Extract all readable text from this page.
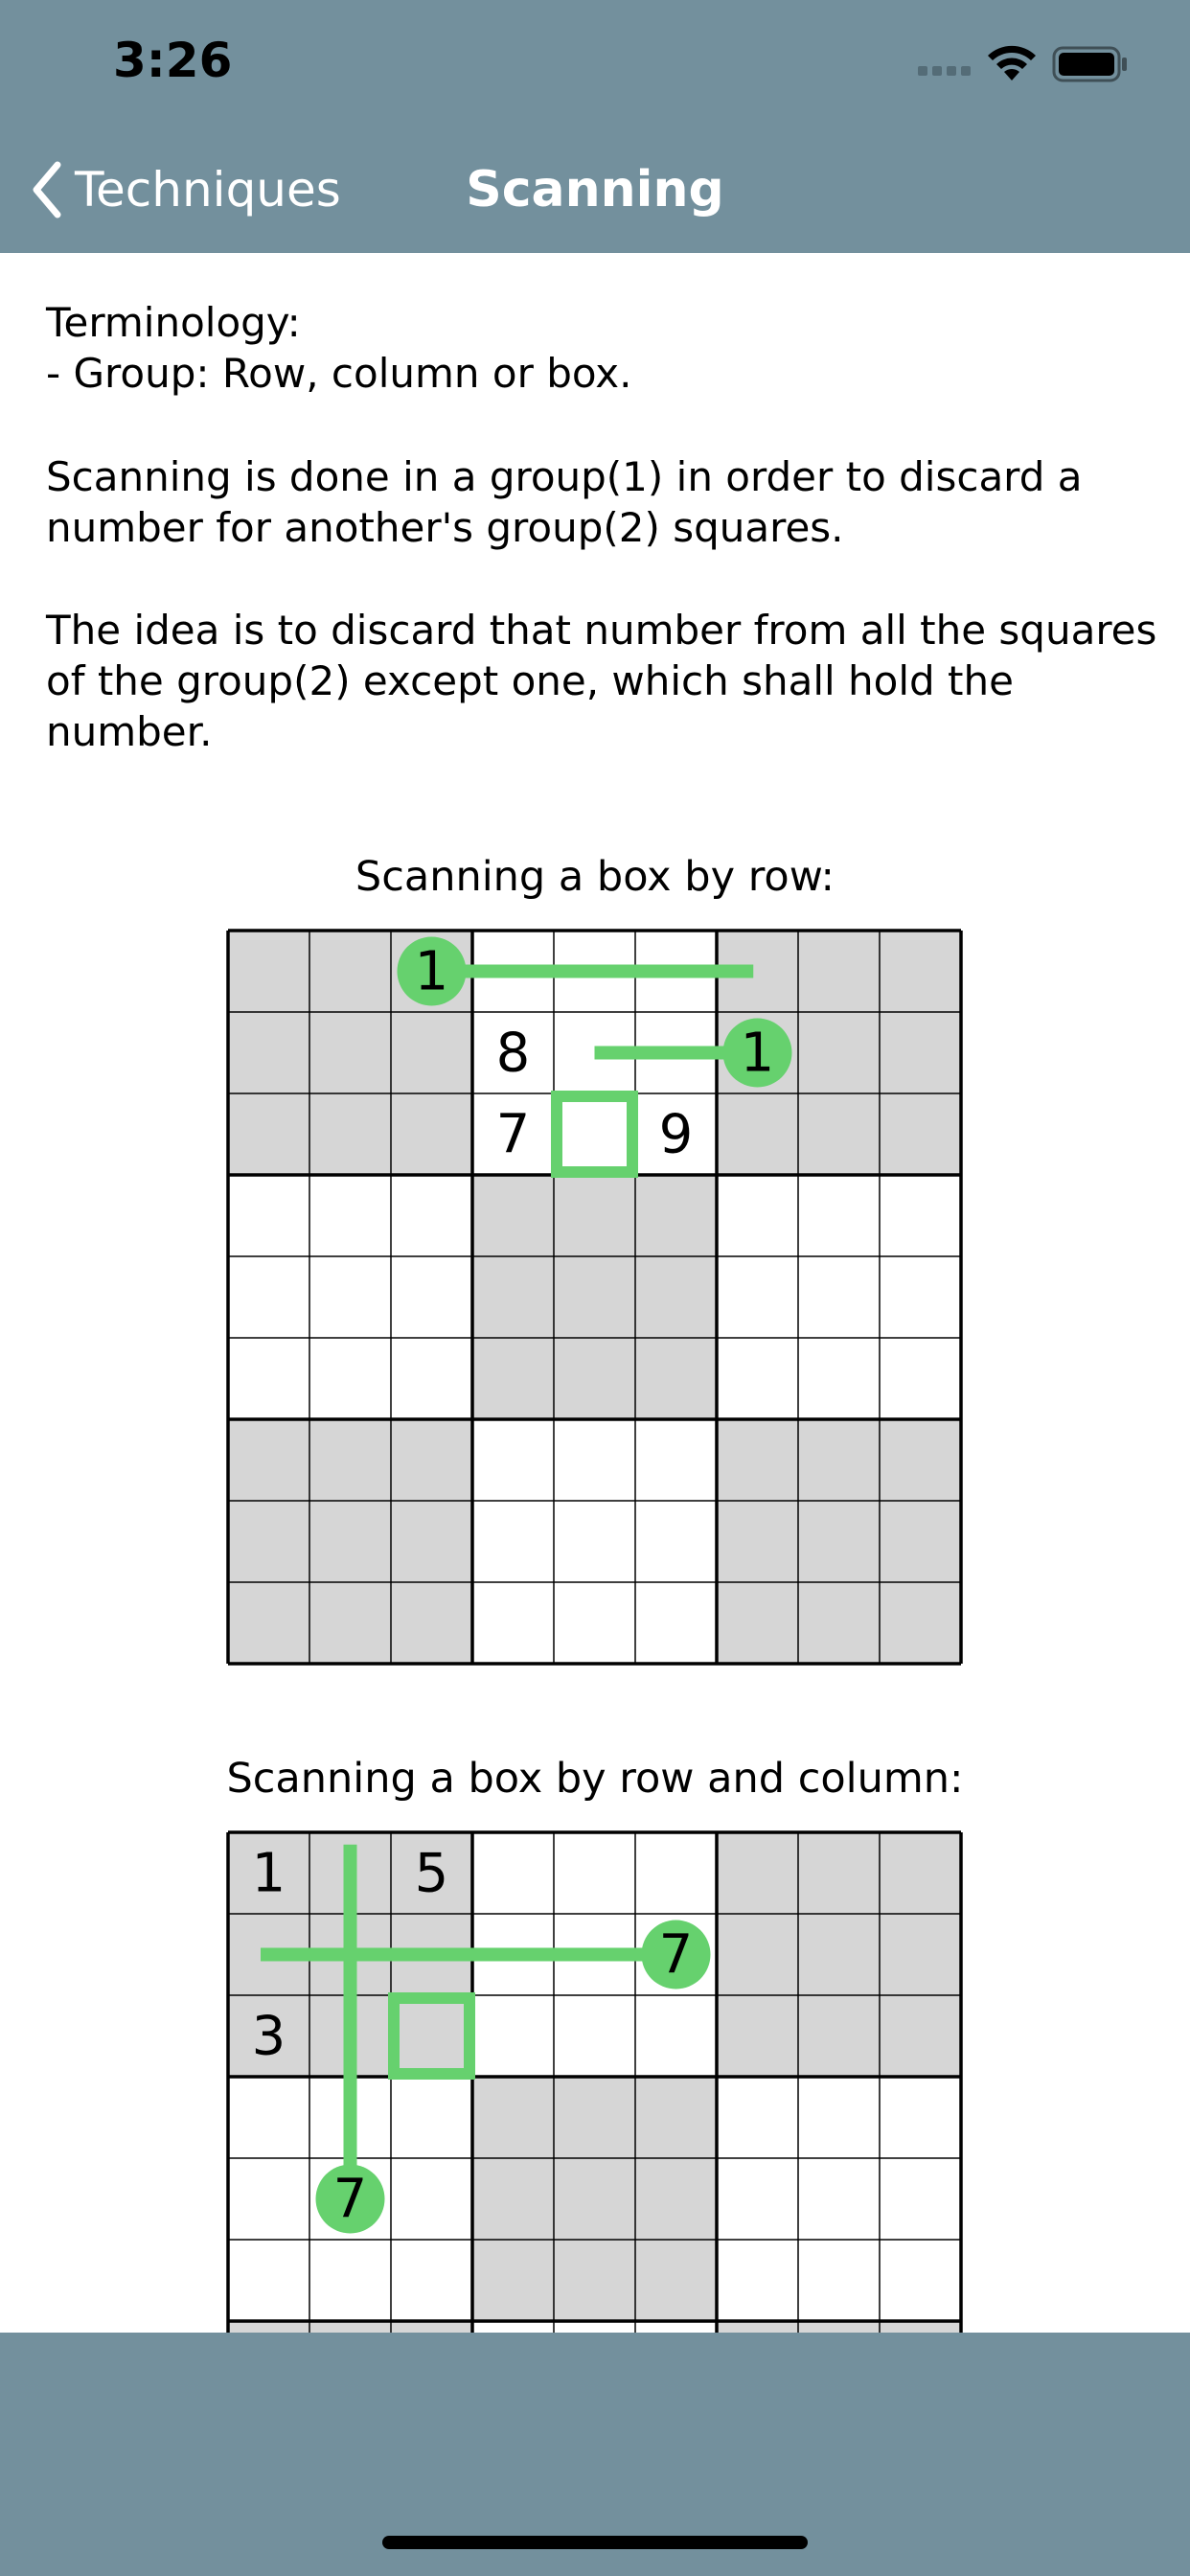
3:26
Techniques	Scanning
Terminology:
- Group: Row, column or box.
Scanning is done in a group(1) in order to discard a number for another's group(2) squares.
The idea is to discard that number from all the squares of the group(2) except one, which shall hold the number.
Scanning a box by row:
8
7 9
1
1
Scanning a box by row and column:
1 5
3
7
7
